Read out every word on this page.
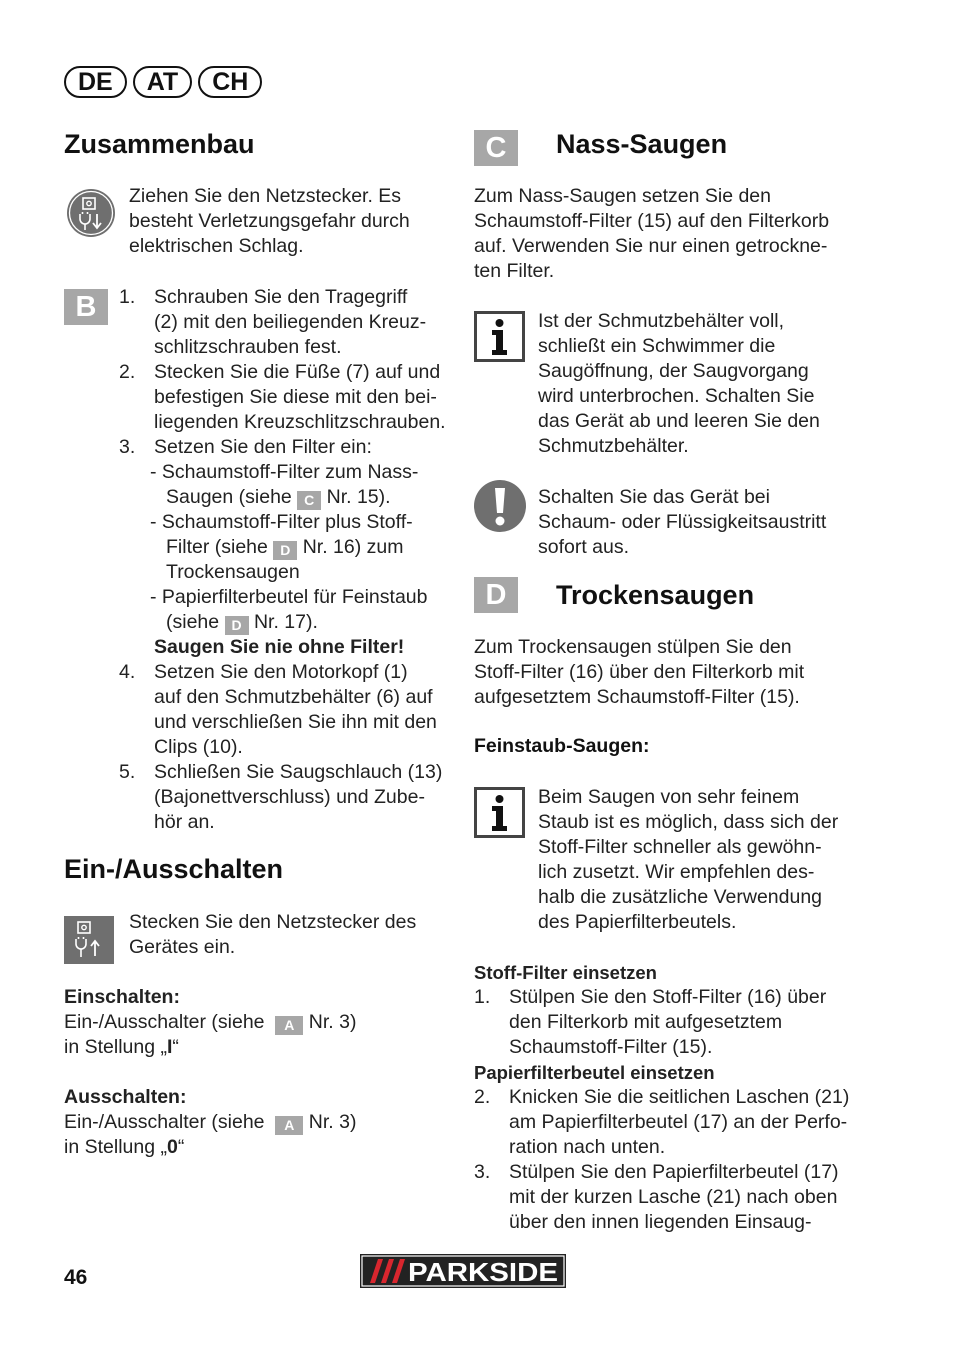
DE	AT	CH
Zusammenbau

Ziehen Sie den Netzstecker. Es

besteht Verletzungsgefahr durch

elektrischen Schlag.

B	1. Schrauben Sie den Tragegriff

(2) mit den beiliegenden Kreuz-

schlitzschrauben fest.

2. Stecken Sie die Füße (7) auf und

befestigen Sie diese mit den bei-

liegenden Kreuzschlitzschrauben.

3. Setzen Sie den Filter ein:

- Schaumstoff-Filter zum Nass-

Saugen (siehe C Nr. 15).

- Schaumstoff-Filter plus Stoff-

Filter (siehe D Nr. 16) zum

Trockensaugen

- Papierfilterbeutel für Feinstaub

(siehe D Nr. 17).

Saugen Sie nie ohne Filter!

4. Setzen Sie den Motorkopf (1)

auf den Schmutzbehälter (6) auf

und verschließen Sie ihn mit den

Clips (10).

5. Schließen Sie Saugschlauch (13)

(Bajonettverschluss) und Zube-

hör an.

Ein-/Ausschalten

Stecken Sie den Netzstecker des

Gerätes ein.

Einschalten:

Ein-/Ausschalter (siehe A Nr. 3)

in Stellung „I“

Ausschalten:

Ein-/Ausschalter (siehe A Nr. 3)

in Stellung „0“

C	Nass-Saugen

Zum Nass-Saugen setzen Sie den

Schaumstoff-Filter (15) auf den Filterkorb

auf. Verwenden Sie nur einen getrockne-

ten Filter.

Ist der Schmutzbehälter voll,

schließt ein Schwimmer die

Saugöffnung, der Saugvorgang

wird unterbrochen. Schalten Sie

das Gerät ab und leeren Sie den

Schmutzbehälter.

Schalten Sie das Gerät bei

Schaum- oder Flüssigkeitsaustritt

sofort aus.

D	Trockensaugen

Zum Trockensaugen stülpen Sie den

Stoff-Filter (16) über den Filterkorb mit

aufgesetztem Schaumstoff-Filter (15).

Feinstaub-Saugen:

Beim Saugen von sehr feinem

Staub ist es möglich, dass sich der

Stoff-Filter schneller als gewöhn-

lich zusetzt. Wir empfehlen des-

halb die zusätzliche Verwendung

des Papierfilterbeutels.

Stoff-Filter einsetzen

1. Stülpen Sie den Stoff-Filter (16) über

den Filterkorb mit aufgesetztem

Schaumstoff-Filter (15).

Papierfilterbeutel einsetzen

2. Knicken Sie die seitlichen Laschen (21)

am Papierfilterbeutel (17) an der Perfo-

ration nach unten.

3. Stülpen Sie den Papierfilterbeutel (17)

mit der kurzen Lasche (21) nach oben

über den innen liegenden Einsaug-

46	PARKSIDE
